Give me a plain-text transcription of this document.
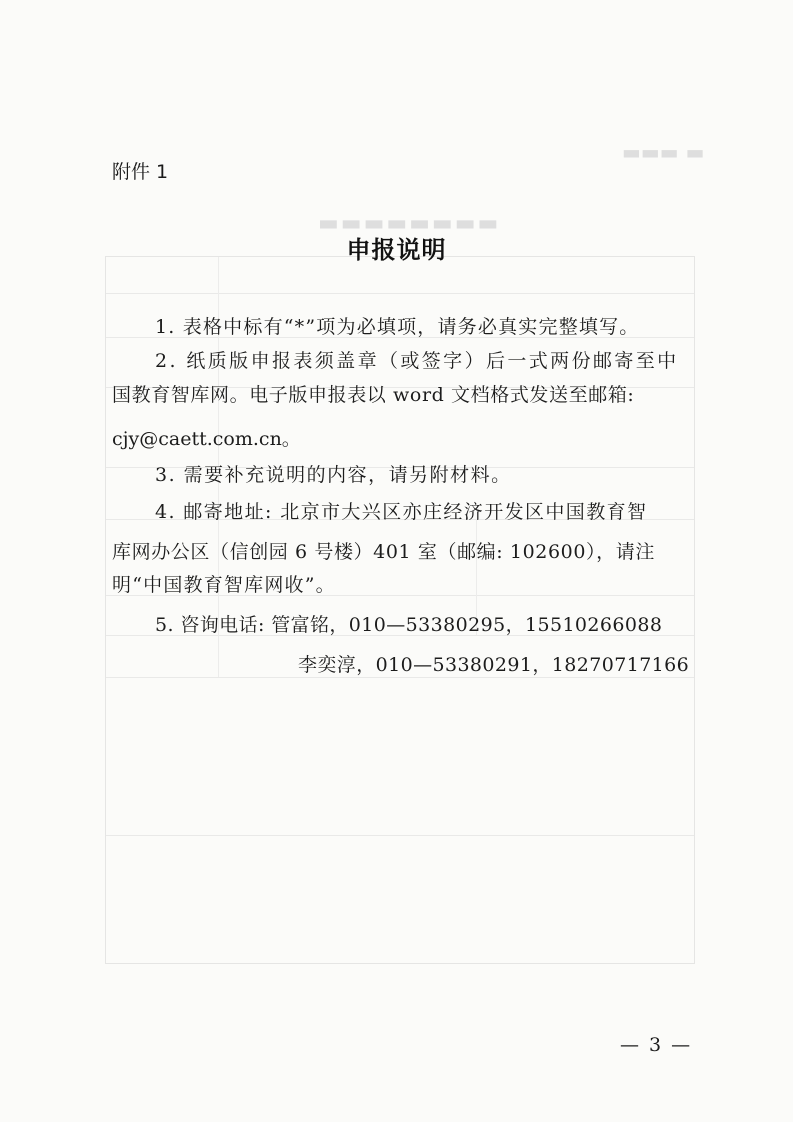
▬▬▬ ▬
▬▬▬▬▬▬▬▬
附件 1
申报说明
1. 表格中标有“*”项为必填项，请务必真实完整填写。
2. 纸质版申报表须盖章（或签字）后一式两份邮寄至中
国教育智库网。电子版申报表以 word 文档格式发送至邮箱:
cjy@caett.com.cn。
3. 需要补充说明的内容，请另附材料。
4. 邮寄地址: 北京市大兴区亦庄经济开发区中国教育智
库网办公区（信创园 6 号楼）401 室（邮编: 102600），请注
明“中国教育智库网收”。
5. 咨询电话: 管富铭，010—53380295，15510266088
李奕淳，010—53380291，18270717166
— 3 —
